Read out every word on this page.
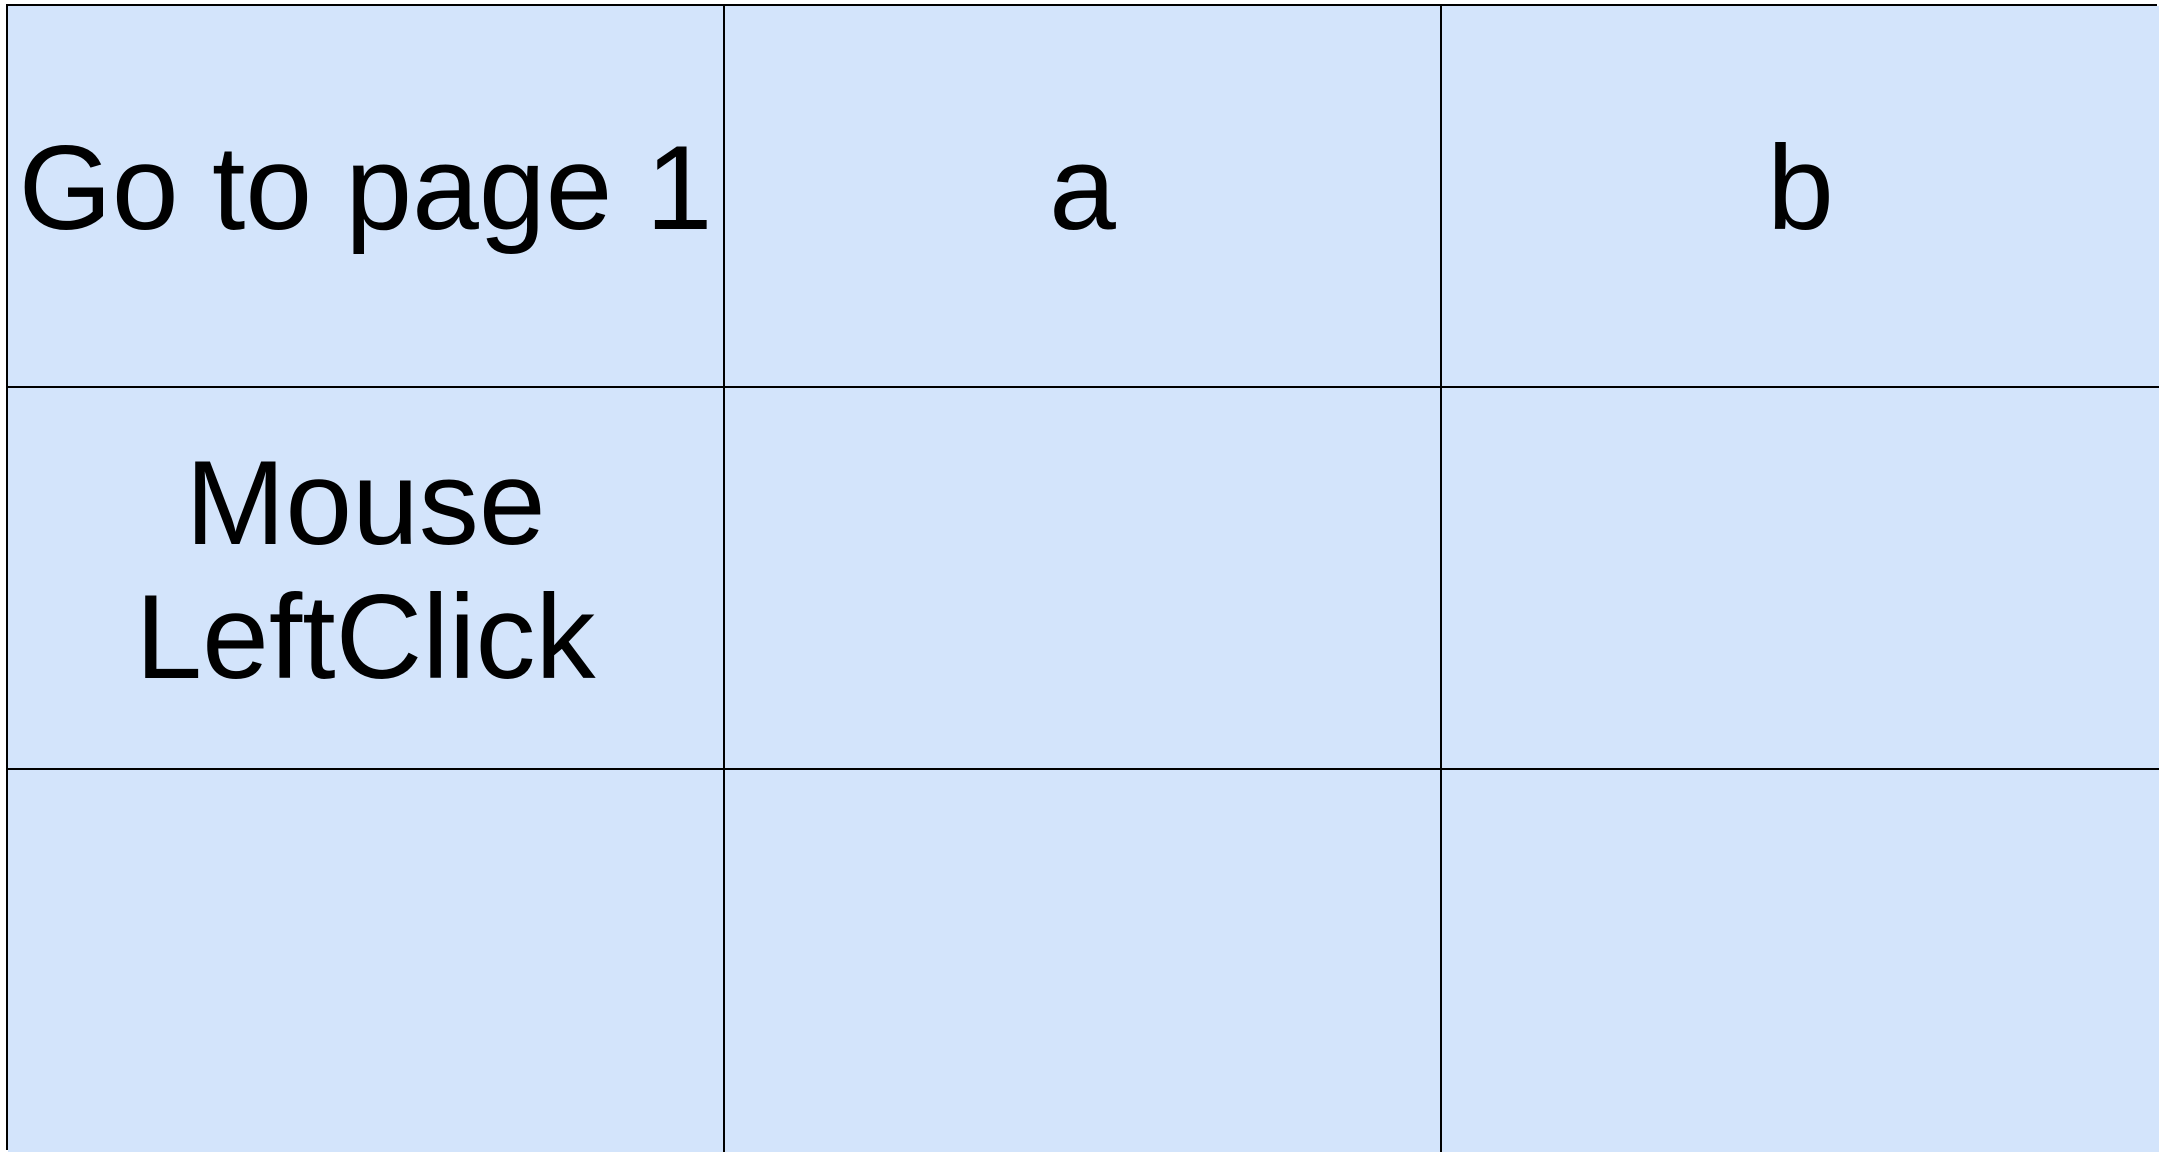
Go to page 1	a	b
Mouse
LeftClick
